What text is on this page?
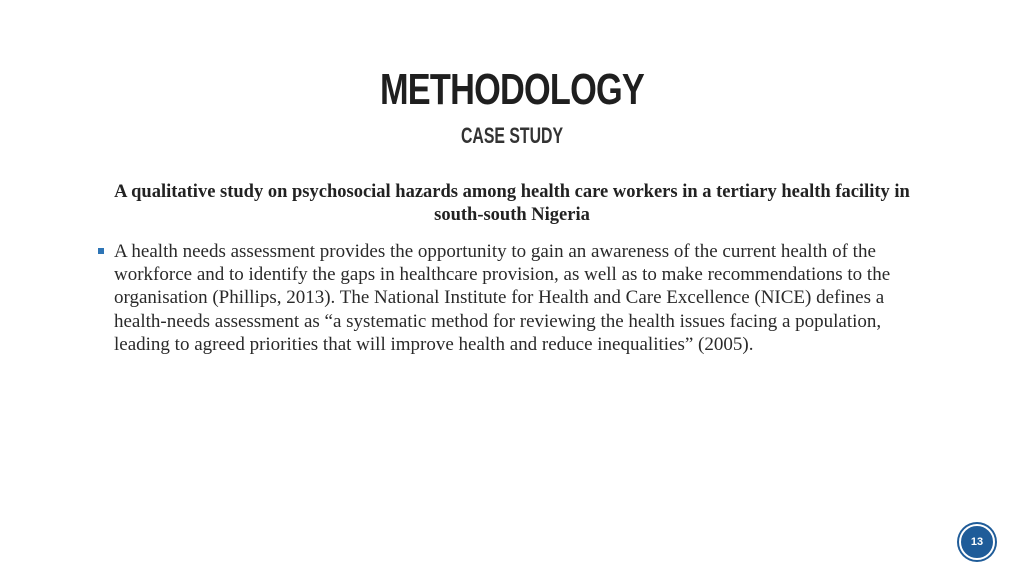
METHODOLOGY
CASE STUDY
A qualitative study on psychosocial hazards among health care workers in a tertiary health facility in south-south Nigeria
A health needs assessment provides the opportunity to gain an awareness of the current health of the workforce and to identify the gaps in healthcare provision, as well as to make recommendations to the organisation (Phillips, 2013). The National Institute for Health and Care Excellence (NICE) defines a health-needs assessment as “a systematic method for reviewing the health issues facing a population, leading to agreed priorities that will improve health and reduce inequalities” (2005).
13
